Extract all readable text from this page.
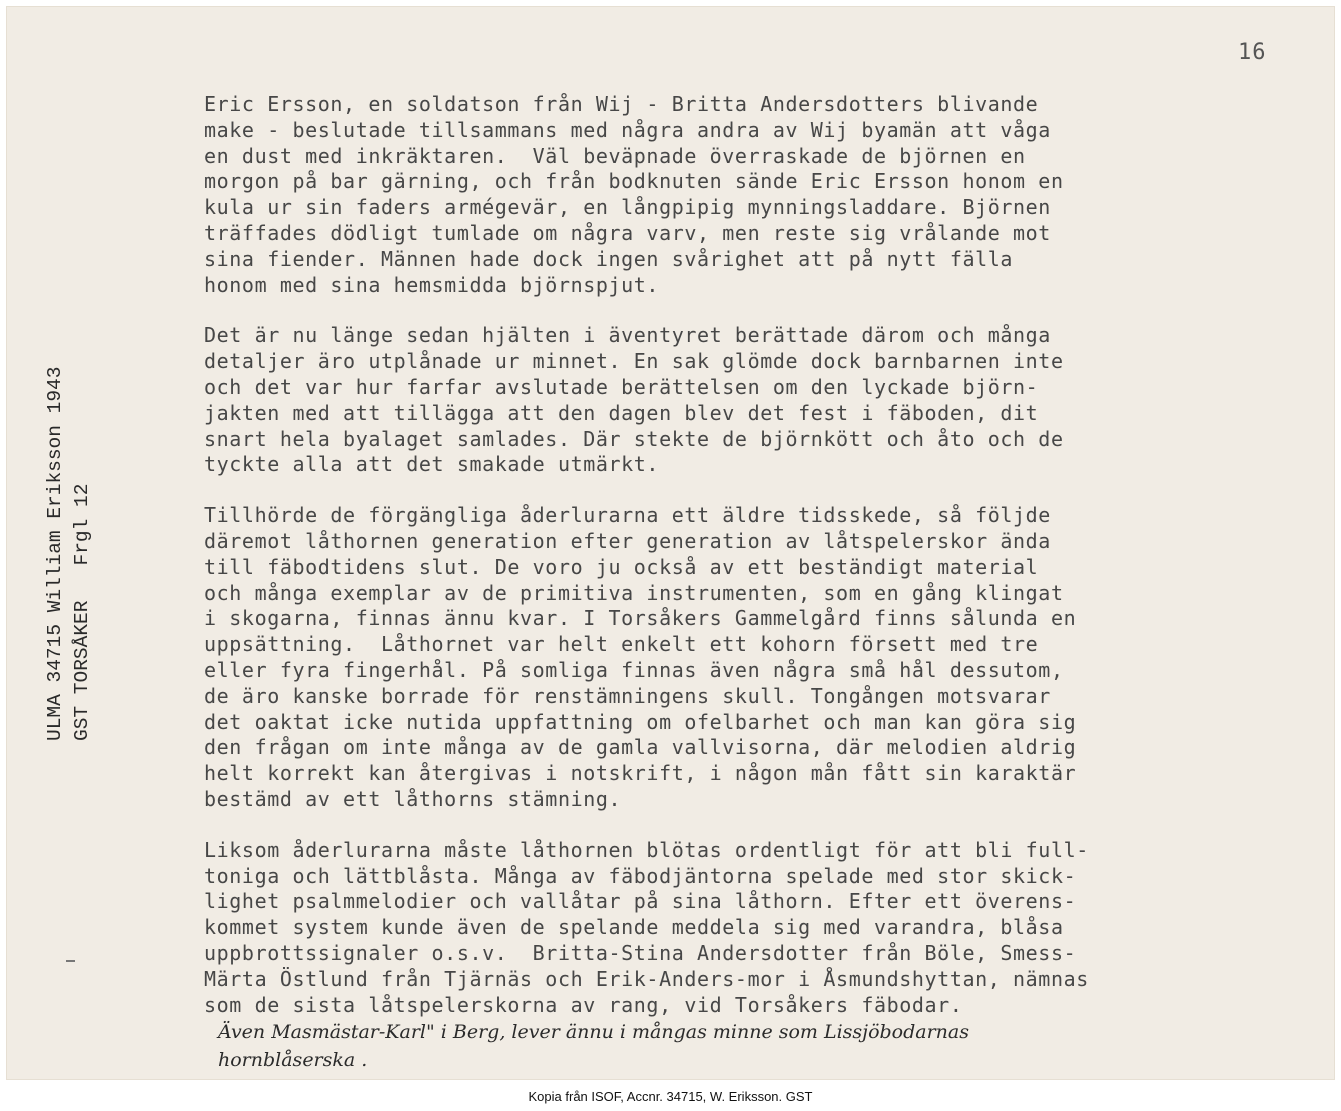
16
ULMA 34715 William Eriksson 1943 GST TORSÅKER   Frgl 12
Eric Ersson, en soldatson från Wij - Britta Andersdotters blivande
make - beslutade tillsammans med några andra av Wij byamän att våga
en dust med inkräktaren.  Väl beväpnade överraskade de björnen en
morgon på bar gärning, och från bodknuten sände Eric Ersson honom en
kula ur sin faders armégevär, en långpipig mynningsladdare. Björnen
träffades dödligt tumlade om några varv, men reste sig vrålande mot
sina fiender. Männen hade dock ingen svårighet att på nytt fälla
honom med sina hemsmidda björnspjut.
Det är nu länge sedan hjälten i äventyret berättade därom och många
detaljer äro utplånade ur minnet. En sak glömde dock barnbarnen inte
och det var hur farfar avslutade berättelsen om den lyckade björn-
jakten med att tillägga att den dagen blev det fest i fäboden, dit
snart hela byalaget samlades. Där stekte de björnkött och åto och de
tyckte alla att det smakade utmärkt.
Tillhörde de förgängliga åderlurarna ett äldre tidsskede, så följde
däremot låthornen generation efter generation av låtspelerskor ända
till fäbodtidens slut. De voro ju också av ett beständigt material
och många exemplar av de primitiva instrumenten, som en gång klingat
i skogarna, finnas ännu kvar. I Torsåkers Gammelgård finns sålunda en
uppsättning.  Låthornet var helt enkelt ett kohorn försett med tre
eller fyra fingerhål. På somliga finnas även några små hål dessutom,
de äro kanske borrade för renstämningens skull. Tongången motsvarar
det oaktat icke nutida uppfattning om ofelbarhet och man kan göra sig
den frågan om inte många av de gamla vallvisorna, där melodien aldrig
helt korrekt kan återgivas i notskrift, i någon mån fått sin karaktär
bestämd av ett låthorns stämning.
Liksom åderlurarna måste låthornen blötas ordentligt för att bli full-
toniga och lättblåsta. Många av fäbodjäntorna spelade med stor skick-
lighet psalmmelodier och vallåtar på sina låthorn. Efter ett överens-
kommet system kunde även de spelande meddela sig med varandra, blåsa
uppbrottssignaler o.s.v.  Britta-Stina Andersdotter från Böle, Smess-
Märta Östlund från Tjärnäs och Erik-Anders-mor i Åsmundshyttan, nämnas
som de sista låtspelerskorna av rang, vid Torsåkers fäbodar.
Även Masmästar-Karl" i Berg, lever ännu i mångas minne som Lissjöbodarnas
hornblåserska .
Kopia från ISOF, Accnr. 34715, W. Eriksson. GST
